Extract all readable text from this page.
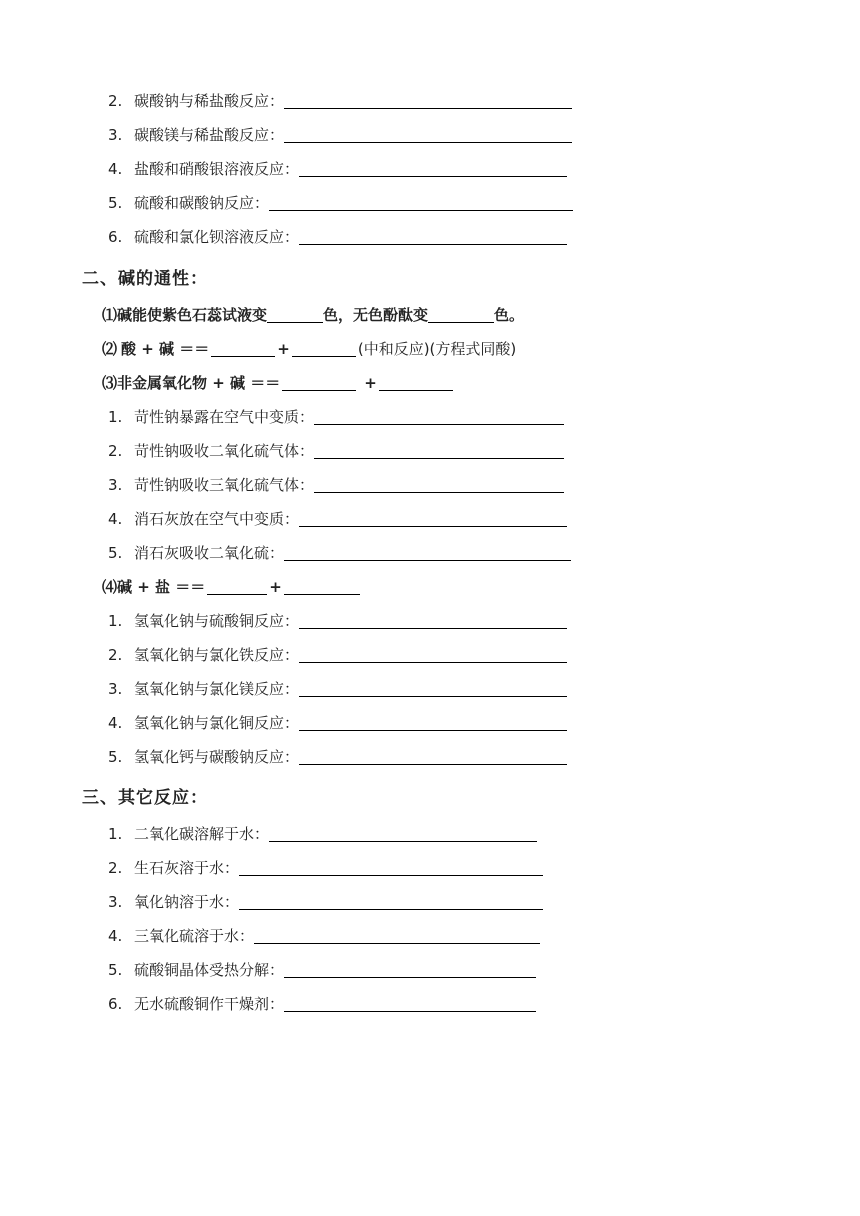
2. 碳酸钠与稀盐酸反应：
3. 碳酸镁与稀盐酸反应：
4. 盐酸和硝酸银溶液反应：
5. 硫酸和碳酸钠反应：
6. 硫酸和氯化钡溶液反应：
二、碱的通性：
⑴ 碱能使紫色石蕊试液变	色，无色酚酞变	色。
⑵ 酸 + 碱 ＝＝	+	(中和反应)(方程式同酸)
⑶ 非金属氧化物 + 碱 ＝＝	+
1. 苛性钠暴露在空气中变质：
2. 苛性钠吸收二氧化硫气体：
3. 苛性钠吸收三氧化硫气体：
4. 消石灰放在空气中变质：
5. 消石灰吸收二氧化硫：
⑷ 碱 + 盐 ＝＝	+
1. 氢氧化钠与硫酸铜反应：
2. 氢氧化钠与氯化铁反应：
3. 氢氧化钠与氯化镁反应：
4. 氢氧化钠与氯化铜反应：
5. 氢氧化钙与碳酸钠反应：
三、其它反应：
1. 二氧化碳溶解于水：
2. 生石灰溶于水：
3. 氧化钠溶于水：
4. 三氧化硫溶于水：
5. 硫酸铜晶体受热分解：
6. 无水硫酸铜作干燥剂：
